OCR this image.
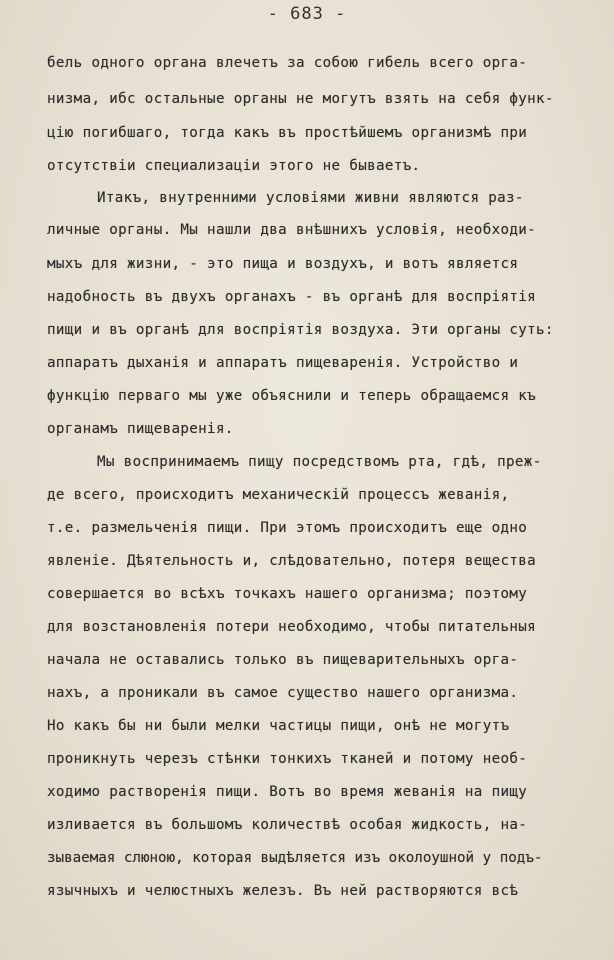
- 683 -
бель одного органа влечетъ за собою гибель всего орга-
низма, ибс остальные органы не могутъ взять на себя функ-
цію погибшаго, тогда какъ въ простѣйшемъ организмѣ при
отсутствіи специализаціи этого не бываетъ.
Итакъ, внутренними условіями живни являются раз-
личные органы. Мы нашли два внѣшнихъ условія, необходи-
мыхъ для жизни, - это пища и воздухъ, и вотъ является
надобность въ двухъ органахъ - въ органѣ для воспріятія
пищи и въ органѣ для воспріятія воздуха. Эти органы суть:
аппаратъ дыханія и аппаратъ пищеваренія. Устройство и
функцію перваго мы уже объяснили и теперь обращаемся къ
органамъ пищеваренія.
Мы воспринимаемъ пищу посредствомъ рта, гдѣ, преж-
де всего, происходитъ механическій процессъ жеванія,
т.е. размельченія пищи. При этомъ происходитъ еще одно
явленіе. Дѣятельность и, слѣдовательно, потеря вещества
совершается во всѣхъ точкахъ нашего организма; поэтому
для возстановленія потери необходимо, чтобы питательныя
начала не оставались только въ пищеварительныхъ орга-
нахъ, а проникали въ самое существо нашего организма.
Но какъ бы ни были мелки частицы пищи, онѣ не могутъ
проникнуть черезъ стѣнки тонкихъ тканей и потому необ-
ходимо растворенія пищи. Вотъ во время жеванія на пищу
изливается въ большомъ количествѣ особая жидкость, на-
зываемая слюною, которая выдѣляется изъ околоушной у подъ-
язычныхъ и челюстныхъ железъ. Въ ней растворяются всѣ
